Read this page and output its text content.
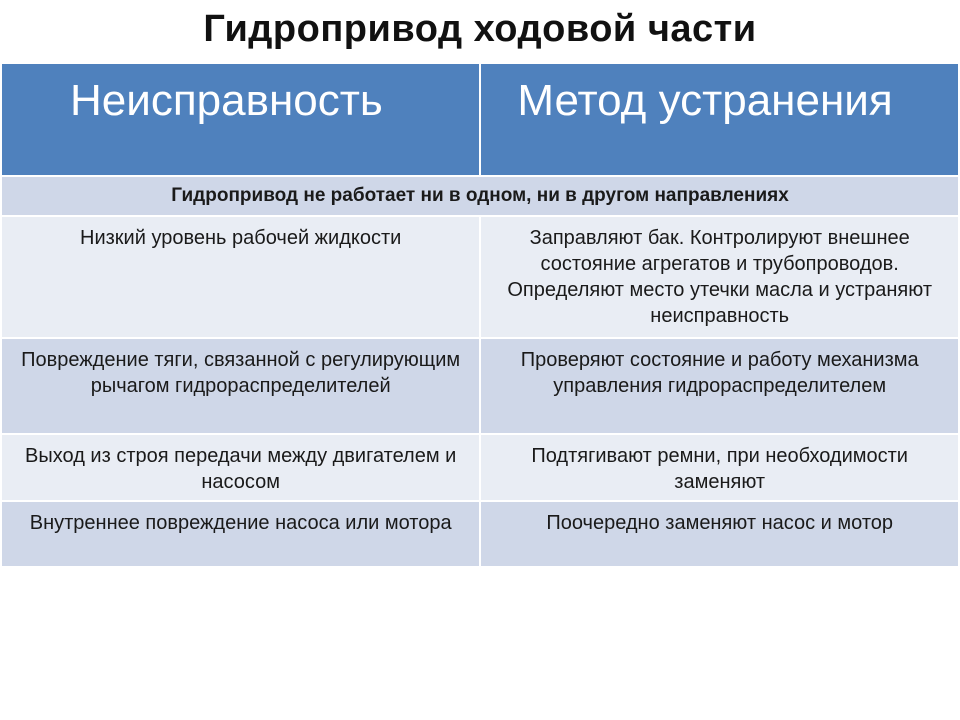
Гидропривод ходовой части
Неисправность	Метод устранения

Гидропривод не работает ни в одном, ни в другом направлениях	

Низкий уровень рабочей жидкости	Заправляют бак. Контролируют внешнее состояние агрегатов и трубопроводов. Определяют место утечки масла и устраняют неисправность

Повреждение тяги, связанной с регулирующим рычагом гидрораспределителей	Проверяют состояние и работу механизма управления гидрораспределителем

Выход из строя передачи между двигателем и насосом	Подтягивают ремни, при необходимости заменяют

Внутреннее повреждение насоса или мотора	Поочередно заменяют насос и мотор
